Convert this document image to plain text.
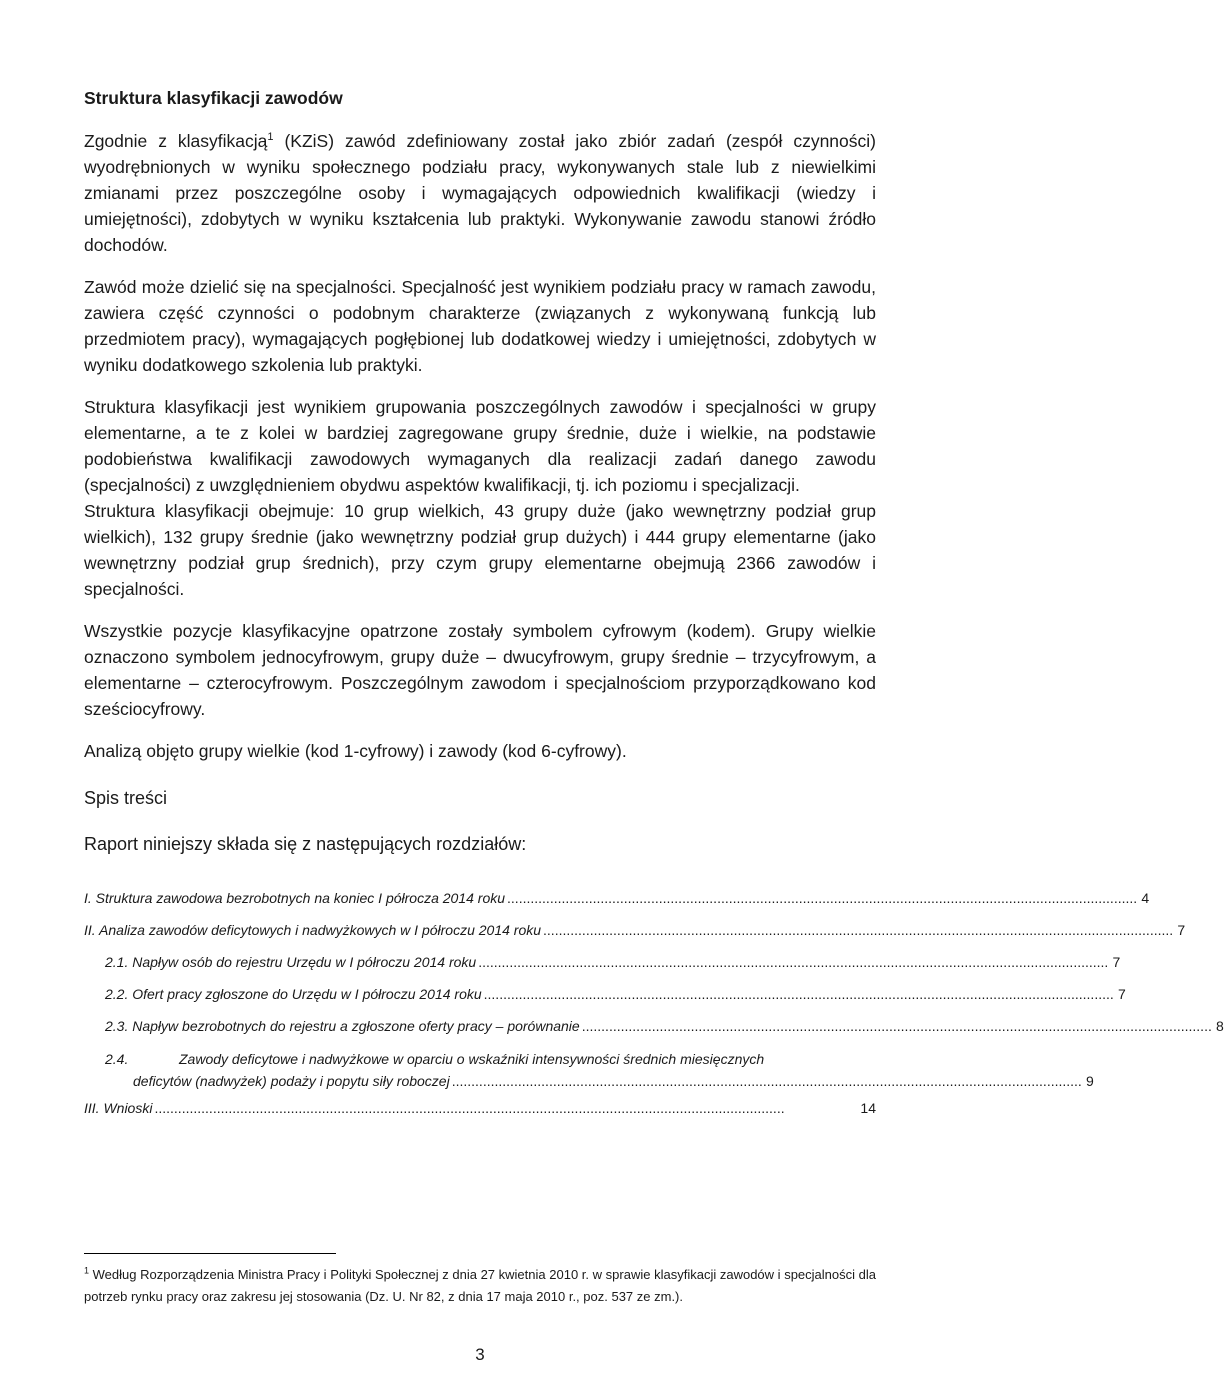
Struktura klasyfikacji zawodów

Zgodnie z klasyfikacją$^1$ (KZiS) zawód zdefiniowany został jako zbiór zadań (zespół czynności) wyodrębnionych w wyniku społecznego podziału pracy, wykonywanych stale lub z niewielkimi zmianami przez poszczególne osoby i wymagających odpowiednich kwalifikacji (wiedzy i umiejętności), zdobytych w wyniku kształcenia lub praktyki. Wykonywanie zawodu stanowi źródło dochodów.

Zawód może dzielić się na specjalności. Specjalność jest wynikiem podziału pracy w ramach zawodu, zawiera część czynności o podobnym charakterze (związanych z wykonywaną funkcją lub przedmiotem pracy), wymagających pogłębionej lub dodatkowej wiedzy i umiejętności, zdobytych w wyniku dodatkowego szkolenia lub praktyki.

Struktura klasyfikacji jest wynikiem grupowania poszczególnych zawodów i specjalności w grupy elementarne, a te z kolei w bardziej zagregowane grupy średnie, duże i wielkie, na podstawie podobieństwa kwalifikacji zawodowych wymaganych dla realizacji zadań danego zawodu (specjalności) z uwzględnieniem obydwu aspektów kwalifikacji, tj. ich poziomu i specjalizacji.

Struktura klasyfikacji obejmuje: 10 grup wielkich, 43 grupy duże (jako wewnętrzny podział grup wielkich), 132 grupy średnie (jako wewnętrzny podział grup dużych) i 444 grupy elementarne (jako wewnętrzny podział grup średnich), przy czym grupy elementarne obejmują 2366 zawodów i specjalności.

Wszystkie pozycje klasyfikacyjne opatrzone zostały symbolem cyfrowym (kodem). Grupy wielkie oznaczono symbolem jednocyfrowym, grupy duże – dwucyfrowym, grupy średnie – trzycyfrowym, a elementarne – czterocyfrowym. Poszczególnym zawodom i specjalnościom przyporządkowano kod sześciocyfrowy.

Analizą objęto grupy wielkie (kod 1-cyfrowy) i zawody (kod 6-cyfrowy).

Spis treści
Raport niniejszy składa się z następujących rozdziałów:
I. Struktura zawodowa bezrobotnych na koniec I półrocza 2014 roku .................................................................................................................................................................. 4
II. Analiza zawodów deficytowych i nadwyżkowych w I półroczu 2014 roku .................................................................................................................................................................. 7
2.1. Napływ osób do rejestru Urzędu w I półroczu 2014 roku .................................................................................................................................................................. 7
2.2. Ofert pracy zgłoszone do Urzędu w I półroczu 2014 roku .................................................................................................................................................................. 7
2.3. Napływ bezrobotnych do rejestru a zgłoszone oferty pracy – porównanie .................................................................................................................................................................. 8
2.4.	Zawody deficytowe i nadwyżkowe w oparciu o wskaźniki intensywności średnich miesięcznych
deficytów (nadwyżek) podaży i popytu siły roboczej .................................................................................................................................................................. 9
III. Wnioski ..................................................................................................................................................................	14
$^1$ Według Rozporządzenia Ministra Pracy i Polityki Społecznej z dnia 27 kwietnia 2010 r. w sprawie klasyfikacji zawodów i specjalności dla potrzeb rynku pracy oraz zakresu jej stosowania (Dz. U. Nr 82, z dnia 17 maja 2010 r., poz. 537 ze zm.).
3
